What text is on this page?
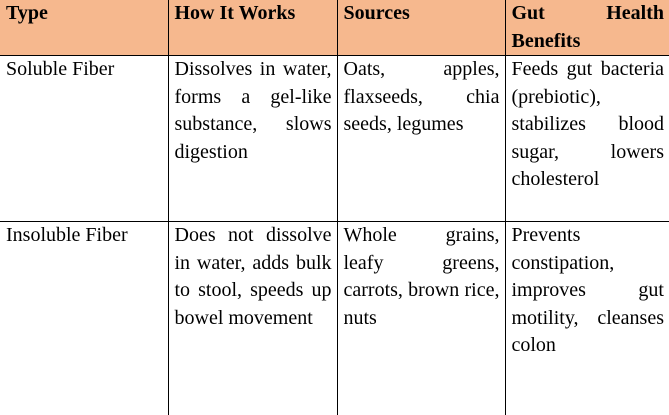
Type	How It Works	Sources	Gut Health Benefits
Soluble Fiber	Dissolves in water, forms a gel-like substance, slows digestion	Oats, apples, flaxseeds, chia seeds, legumes	Feeds gut bacteria (prebiotic), stabilizes blood sugar, lowers cholesterol
Insoluble Fiber	Does not dissolve in water, adds bulk to stool, speeds up bowel movement	Whole grains, leafy greens, carrots, brown rice, nuts	Prevents constipation, improves gut motility, cleanses colon
